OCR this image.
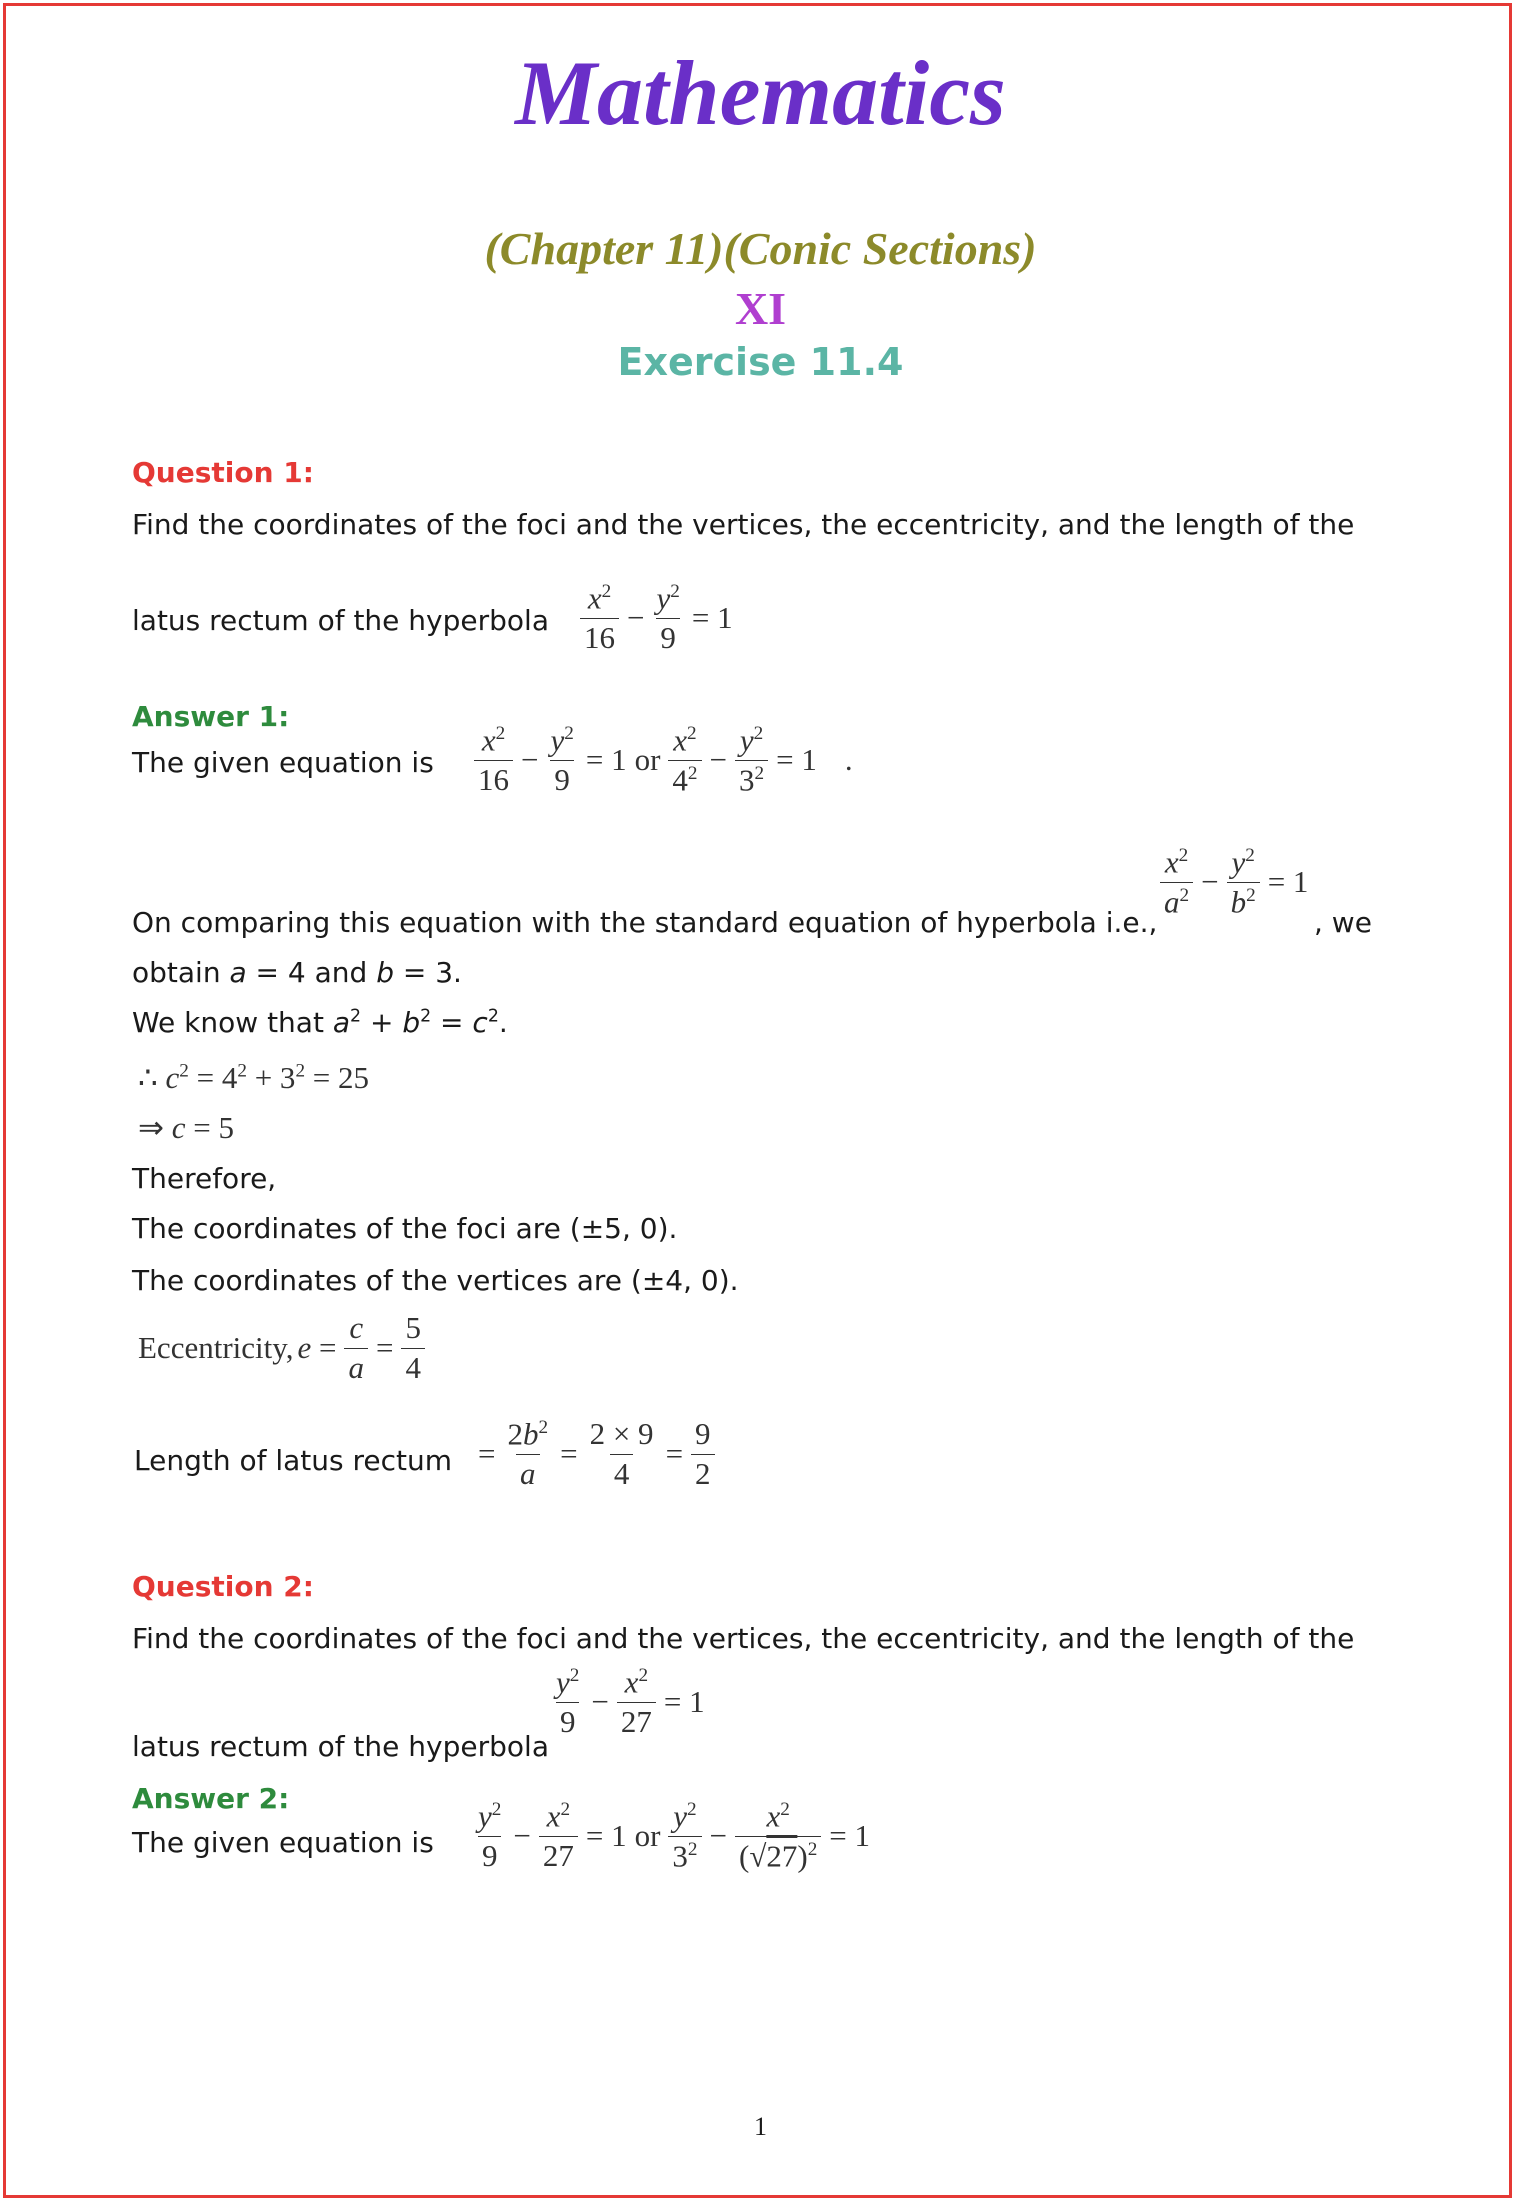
Mathematics
(Chapter 11)(Conic Sections)
XI
Exercise 11.4
Question 1:
Find the coordinates of the foci and the vertices, the eccentricity, and the length of the
latus rectum of the hyperbola $\frac{x^2}{16} - \frac{y^2}{9} = 1$
Answer 1:
The given equation is $\frac{x^2}{16} - \frac{y^2}{9} = 1$ or $\frac{x^2}{4^2} - \frac{y^2}{3^2} = 1$ .
On comparing this equation with the standard equation of hyperbola i.e.,
$\frac{x^2}{a^2} - \frac{y^2}{b^2} = 1$
, we
obtain a = 4 and b = 3.
We know that $a^2 + b^2 = c^2$.
∴ $c^2 = 4^2 + 3^2 = 25$
⇒ c = 5
Therefore,
The coordinates of the foci are (±5, 0).
The coordinates of the vertices are (±4, 0).
Eccentricity, $e = \frac{c}{a} = \frac{5}{4}$
Length of latus rectum = $\frac{2b^2}{a} = \frac{2 \times 9}{4} = \frac{9}{2}$
Question 2:
Find the coordinates of the foci and the vertices, the eccentricity, and the length of the
latus rectum of the hyperbola
$\frac{y^2}{9} - \frac{x^2}{27} = 1$
Answer 2:
The given equation is $\frac{y^2}{9} - \frac{x^2}{27} = 1$ or $\frac{y^2}{3^2} - \frac{x^2}{(√27)^2} = 1$
1
